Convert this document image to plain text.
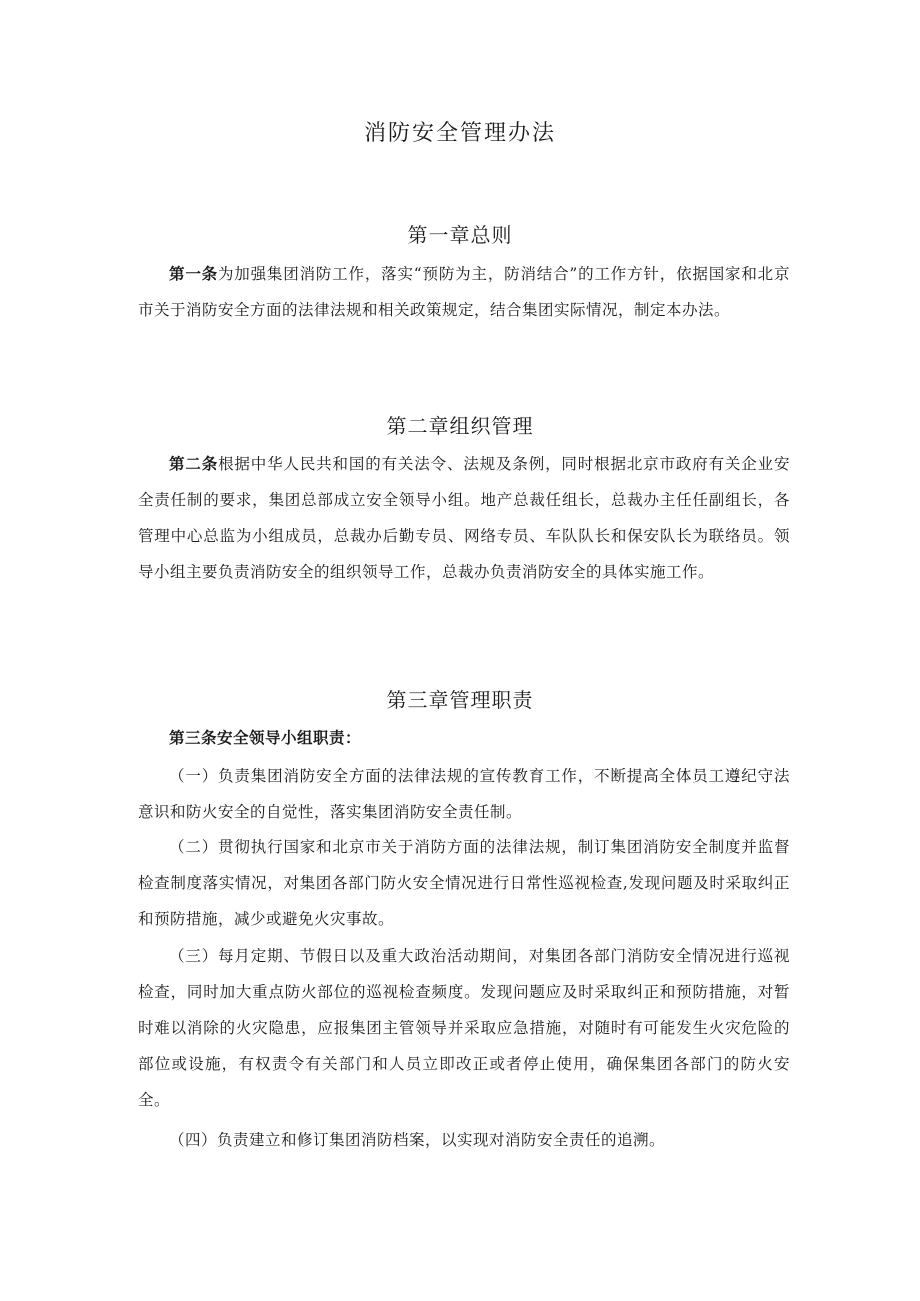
消防安全管理办法
第一章总则

第一条为加强集团消防工作，落实“预防为主，防消结合”的工作方针，依据国家和北京市关于消防安全方面的法律法规和相关政策规定，结合集团实际情况，制定本办法。

第二章组织管理

第二条根据中华人民共和国的有关法令、法规及条例，同时根据北京市政府有关企业安全责任制的要求，集团总部成立安全领导小组。地产总裁任组长，总裁办主任任副组长，各管理中心总监为小组成员，总裁办后勤专员、网络专员、车队队长和保安队长为联络员。领导小组主要负责消防安全的组织领导工作，总裁办负责消防安全的具体实施工作。

第三章管理职责

第三条安全领导小组职责：

（一）负责集团消防安全方面的法律法规的宣传教育工作，不断提高全体员工遵纪守法意识和防火安全的自觉性，落实集团消防安全责任制。

（二）贯彻执行国家和北京市关于消防方面的法律法规，制订集团消防安全制度并监督检查制度落实情况，对集团各部门防火安全情况进行日常性巡视检查,发现问题及时采取纠正和预防措施，减少或避免火灾事故。

（三）每月定期、节假日以及重大政治活动期间，对集团各部门消防安全情况进行巡视检查，同时加大重点防火部位的巡视检查频度。发现问题应及时采取纠正和预防措施，对暂时难以消除的火灾隐患，应报集团主管领导并采取应急措施，对随时有可能发生火灾危险的部位或设施，有权责令有关部门和人员立即改正或者停止使用，确保集团各部门的防火安全。

（四）负责建立和修订集团消防档案，以实现对消防安全责任的追溯。
